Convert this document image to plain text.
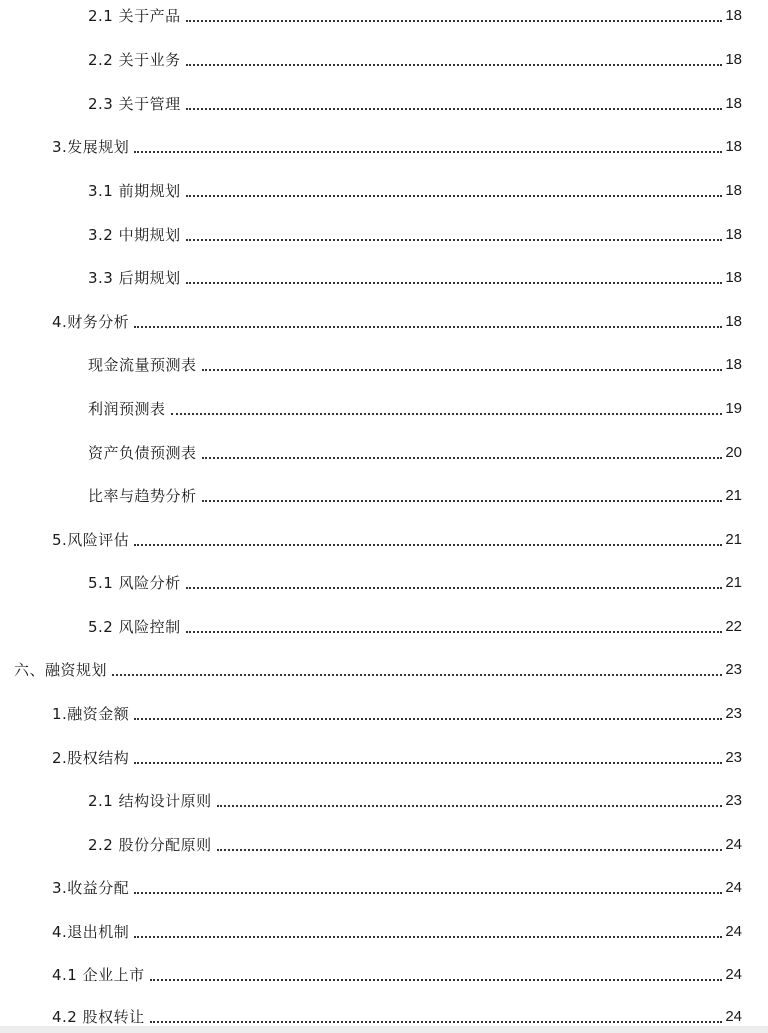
2.1 关于产品	18
2.2 关于业务	18
2.3 关于管理	18
3.发展规划	18
3.1 前期规划	18
3.2 中期规划	18
3.3 后期规划	18
4.财务分析	18
现金流量预测表	18
利润预测表	19
资产负债预测表	20
比率与趋势分析	21
5.风险评估	21
5.1 风险分析	21
5.2 风险控制	22
六、融资规划	23
1.融资金额	23
2.股权结构	23
2.1 结构设计原则	23
2.2 股份分配原则	24
3.收益分配	24
4.退出机制	24
4.1 企业上市	24
4.2 股权转让	24
